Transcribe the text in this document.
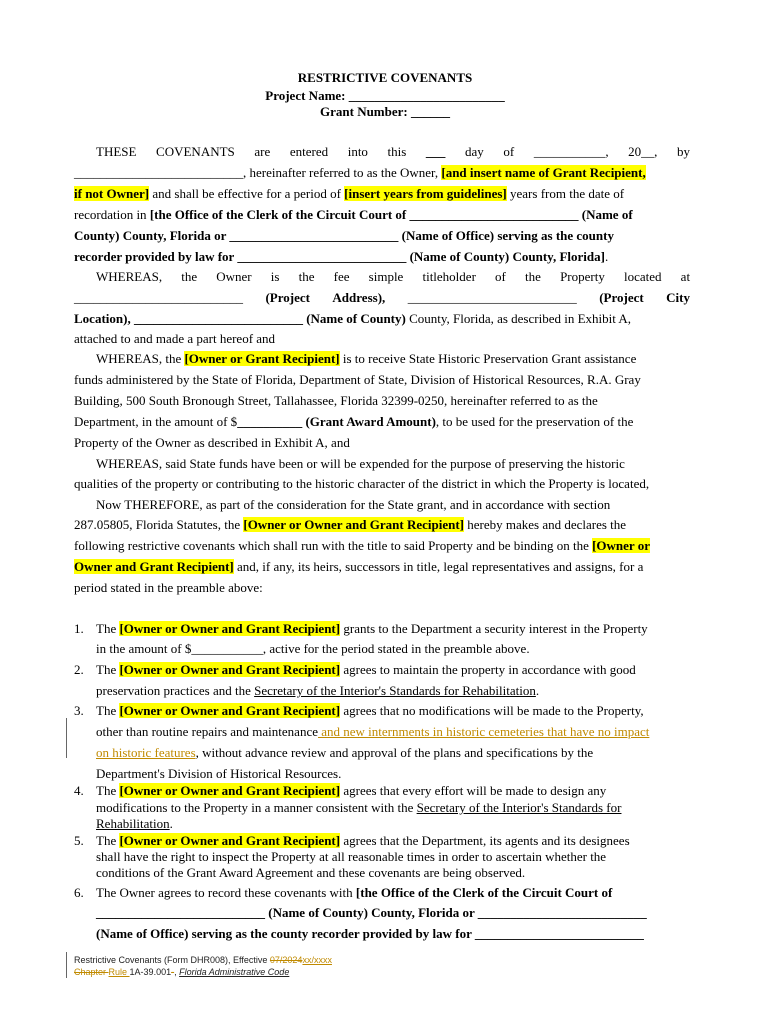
RESTRICTIVE COVENANTS
Project Name: ________________________
Grant Number: ______
THESE COVENANTS are entered into this ___ day of ___________, 20__, by
__________________________, hereinafter referred to as the Owner, [and insert name of Grant Recipient,
if not Owner] and shall be effective for a period of [insert years from guidelines] years from the date of
recordation in [the Office of the Clerk of the Circuit Court of __________________________ (Name of
County) County, Florida or __________________________ (Name of Office) serving as the county
recorder provided by law for __________________________ (Name of County) County, Florida].
WHEREAS, the Owner is the fee simple titleholder of the Property located at
__________________________ (Project Address), __________________________ (Project City
Location), __________________________ (Name of County) County, Florida, as described in Exhibit A,
attached to and made a part hereof and
WHEREAS, the [Owner or Grant Recipient] is to receive State Historic Preservation Grant assistance
funds administered by the State of Florida, Department of State, Division of Historical Resources, R.A. Gray
Building, 500 South Bronough Street, Tallahassee, Florida 32399-0250, hereinafter referred to as the
Department, in the amount of $__________ (Grant Award Amount), to be used for the preservation of the
Property of the Owner as described in Exhibit A, and
WHEREAS, said State funds have been or will be expended for the purpose of preserving the historic
qualities of the property or contributing to the historic character of the district in which the Property is located,
Now THEREFORE, as part of the consideration for the State grant, and in accordance with section
287.05805, Florida Statutes, the [Owner or Owner and Grant Recipient] hereby makes and declares the
following restrictive covenants which shall run with the title to said Property and be binding on the [Owner or
Owner and Grant Recipient] and, if any, its heirs, successors in title, legal representatives and assigns, for a
period stated in the preamble above:
1. The [Owner or Owner and Grant Recipient] grants to the Department a security interest in the Property
in the amount of $___________, active for the period stated in the preamble above.
2. The [Owner or Owner and Grant Recipient] agrees to maintain the property in accordance with good
preservation practices and the Secretary of the Interior's Standards for Rehabilitation.
3. The [Owner or Owner and Grant Recipient] agrees that no modifications will be made to the Property,
other than routine repairs and maintenance and new internments in historic cemeteries that have no impact
on historic features, without advance review and approval of the plans and specifications by the
Department's Division of Historical Resources.
4. The [Owner or Owner and Grant Recipient] agrees that every effort will be made to design any
modifications to the Property in a manner consistent with the Secretary of the Interior's Standards for
Rehabilitation.
5. The [Owner or Owner and Grant Recipient] agrees that the Department, its agents and its designees
shall have the right to inspect the Property at all reasonable times in order to ascertain whether the
conditions of the Grant Award Agreement and these covenants are being observed.
6. The Owner agrees to record these covenants with [the Office of the Clerk of the Circuit Court of
__________________________ (Name of County) County, Florida or __________________________
(Name of Office) serving as the county recorder provided by law for __________________________
Restrictive Covenants (Form DHR008), Effective 07/2024xx/xxxx
Chapter Rule 1A-39.001-, Florida Administrative Code
